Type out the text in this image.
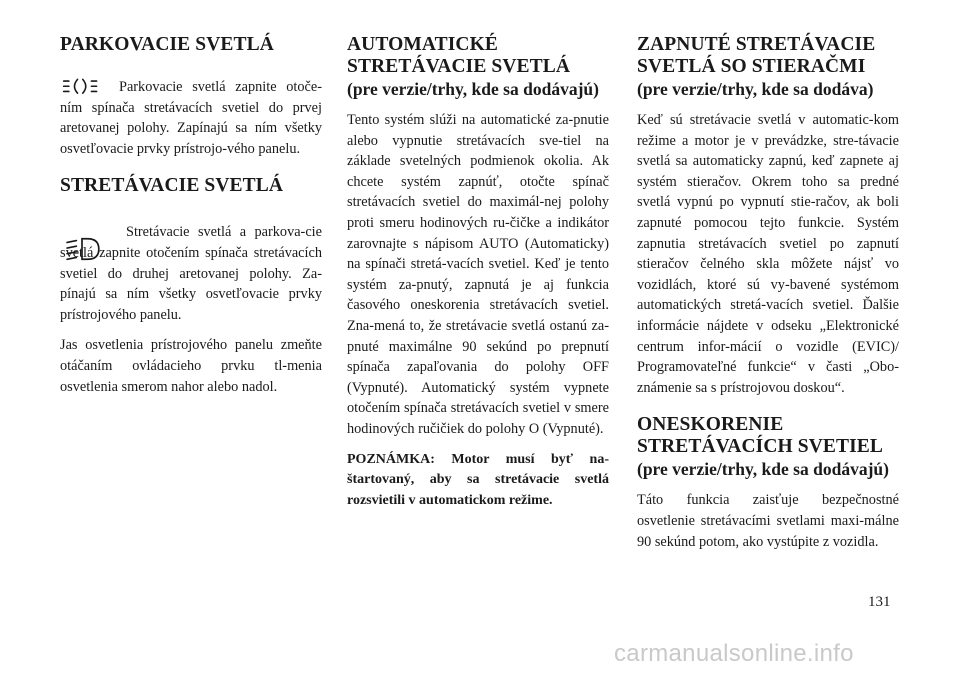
PARKOVACIE SVETLÁ

Parkovacie svetlá zapnite otoče-ním spínača stretávacích svetiel do prvej aretovanej polohy. Zapínajú sa ním všetky osvetľovacie prvky prístrojo-vého panelu.

STRETÁVACIE SVETLÁ

Stretávacie svetlá a parkova-cie svetlá zapnite otočením spínača stretávacích svetiel do druhej aretovanej polohy. Za-pínajú sa ním všetky osvetľovacie prvky prístrojového panelu.

Jas osvetlenia prístrojového panelu zmeňte otáčaním ovládacieho prvku tl-menia osvetlenia smerom nahor alebo nadol.

AUTOMATICKÉ STRETÁVACIE SVETLÁ
(pre verzie/trhy, kde sa dodávajú)

Tento systém slúži na automatické za-pnutie alebo vypnutie stretávacích sve-tiel na základe svetelných podmienok okolia. Ak chcete systém zapnúť, otočte spínač stretávacích svetiel do maximál-nej polohy proti smeru hodinových ru-čičke a indikátor zarovnajte s nápisom AUTO (Automaticky) na spínači stretá-vacích svetiel. Keď je tento systém za-pnutý, zapnutá je aj funkcia časového oneskorenia stretávacích svetiel. Zna-mená to, že stretávacie svetlá ostanú za-pnuté maximálne 90 sekúnd po prepnutí spínača zapaľovania do polohy OFF (Vypnuté). Automatický systém vypnete otočením spínača stretávacích svetiel v smere hodinových ručičiek do polohy O (Vypnuté).

POZNÁMKA: Motor musí byť na-štartovaný, aby sa stretávacie svetlá rozsvietili v automatickom režime.

ZAPNUTÉ STRETÁVACIE SVETLÁ SO STIERAČMI
(pre verzie/trhy, kde sa dodáva)

Keď sú stretávacie svetlá v automatic-kom režime a motor je v prevádzke, stre-távacie svetlá sa automaticky zapnú, keď zapnete aj systém stieračov. Okrem toho sa predné svetlá vypnú po vypnutí stie-račov, ak boli zapnuté pomocou tejto funkcie. Systém zapnutia stretávacích svetiel po zapnutí stieračov čelného skla môžete nájsť vo vozidlách, ktoré sú vy-bavené systémom automatických stretá-vacích svetiel. Ďalšie informácie nájdete v odseku „Elektronické centrum infor-mácií o vozidle (EVIC)/ Programovateľné funkcie“ v časti „Obo-známenie sa s prístrojovou doskou“.

ONESKORENIE STRETÁVACÍCH SVETIEL
(pre verzie/trhy, kde sa dodávajú)

Táto funkcia zaisťuje bezpečnostné osvetlenie stretávacími svetlami maxi-málne 90 sekúnd potom, ako vystúpite z vozidla.

131
carmanualsonline.info
